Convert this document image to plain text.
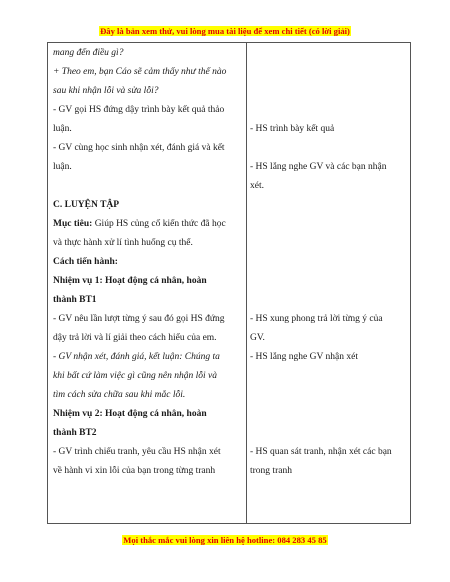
Đây là bản xem thử, vui lòng mua tài liệu để xem chi tiết (có lời giải)
mang đến điều gì?
+ Theo em, bạn Cáo sẽ cảm thấy như thế nào
sau khi nhận lỗi và sửa lỗi?
- GV gọi HS đứng dậy trình bày kết quả thảo
luận.
- GV cùng học sinh nhận xét, đánh giá và kết
luận.
C. LUYỆN TẬP
Mục tiêu: Giúp HS củng cố kiến thức đã học
và thực hành xử lí tình huống cụ thể.
Cách tiến hành:
Nhiệm vụ 1: Hoạt động cá nhân, hoàn
thành BT1
- GV nêu lần lượt từng ý sau đó gọi HS đứng
dậy trả lời và lí giải theo cách hiểu của em.
- GV nhận xét, đánh giá, kết luận: Chúng ta
khi bất cứ làm việc gì cũng nên nhận lỗi và
tìm cách sửa chữa sau khi mắc lỗi.
Nhiệm vụ 2: Hoạt động cá nhân, hoàn
thành BT2
- GV trình chiếu tranh, yêu cầu HS nhận xét
về hành vi xin lỗi của bạn trong từng tranh
- HS trình bày kết quả
- HS lắng nghe GV và các bạn nhận
xét.
- HS xung phong trả lời từng ý của
GV.
- HS lắng nghe GV nhận xét
- HS quan sát tranh, nhận xét các bạn
trong tranh
Mọi thắc mắc vui lòng xin liên hệ hotline: 084 283 45 85
